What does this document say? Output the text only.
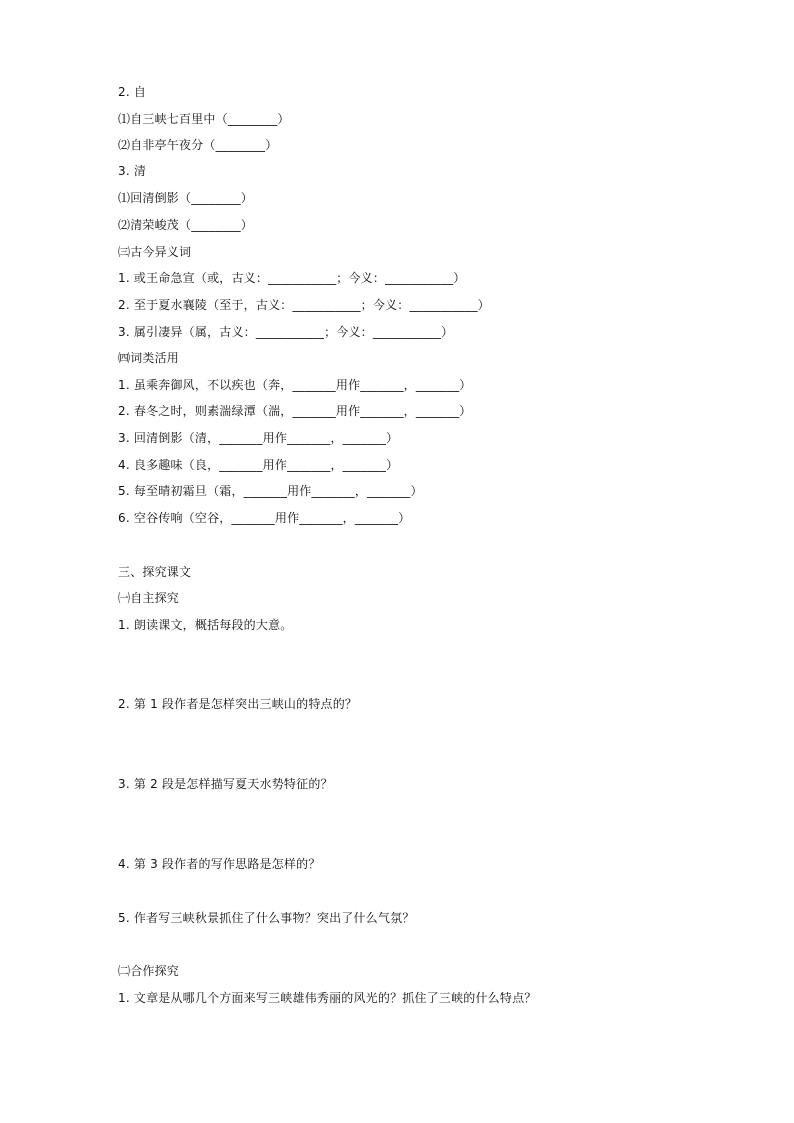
2. 自
⑴自三峡七百里中（________）
⑵自非亭午夜分（________）
3. 清
⑴回清倒影（________）
⑵清荣峻茂（________）
㈢古今异义词
1. 或王命急宣（或，古义：___________；今义：___________）
2. 至于夏水襄陵（至于，古义：___________；今义：___________）
3. 属引凄异（属，古义：___________；今义：___________）
㈣词类活用
1. 虽乘奔御风，不以疾也（奔，_______用作_______，_______）
2. 春冬之时，则素湍绿潭（湍，_______用作_______，_______）
3. 回清倒影（清，_______用作_______，_______）
4. 良多趣味（良，_______用作_______，_______）
5. 每至晴初霜旦（霜，_______用作_______，_______）
6. 空谷传响（空谷，_______用作_______，_______）
三、探究课文
㈠自主探究
1. 朗读课文，概括每段的大意。
2. 第 1 段作者是怎样突出三峡山的特点的？
3. 第 2 段是怎样描写夏天水势特征的？
4. 第 3 段作者的写作思路是怎样的？
5. 作者写三峡秋景抓住了什么事物？突出了什么气氛？
㈡合作探究
1. 文章是从哪几个方面来写三峡雄伟秀丽的风光的？抓住了三峡的什么特点？
